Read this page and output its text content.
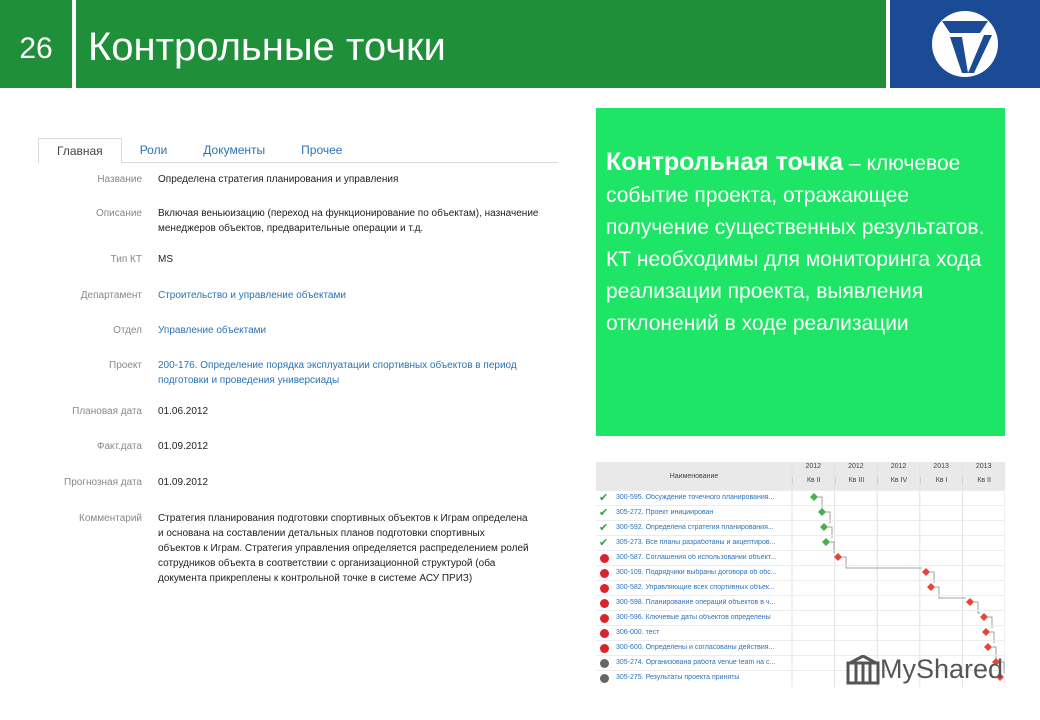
26 Контрольные точки
Главная	Роли	Документы	Прочее
Название	Определена стратегия планирования и управления
Описание	Включая веньюизацию (переход на функционирование по объектам), назначение менеджеров объектов, предварительные операции и т.д.
Тип КТ	MS
Департамент	Строительство и управление объектами
Отдел	Управление объектами
Проект	200-176. Определение порядка эксплуатации спортивных объектов в период подготовки и проведения универсиады
Плановая дата	01.06.2012
Факт.дата	01.09.2012
Прогнозная дата	01.09.2012
Комментарий	Стратегия планирования подготовки спортивных объектов к Играм определена и основана на составлении детальных планов подготовки спортивных объектов к Играм. Стратегия управления определяется распределением ролей сотрудников объекта в соответствии с организационной структурой (оба документа прикреплены к контрольной точке в системе АСУ ПРИЗ)
Контрольная точка – ключевое событие проекта, отражающее получение существенных результатов. КТ необходимы для мониторинга хода реализации проекта, выявления отклонений в ходе реализации
Наименование
2012
Кв II
2012
Кв III
2012
Кв IV
2013
Кв I
2013
Кв II
✔ 300-595. Обсуждение точечного планирования...
✔ 305-272. Проект инициирован
✔ 300-592. Определена стратегия планирования...
✔ 305-273. Все планы разработаны и акцептиров...
300-587. Соглашения об использовании объект...
300-109. Подрядчики выбраны договора об обс...
300-582. Управляющие всех спортивных объек...
300-598. Планирование операций объектов в ч...
300-596. Ключевые даты объектов определены
306-000. тест
300-600. Определены и согласованы действия...
305-274. Организована работа venue team на с...
305-275. Результаты проекта приняты	MyShared
